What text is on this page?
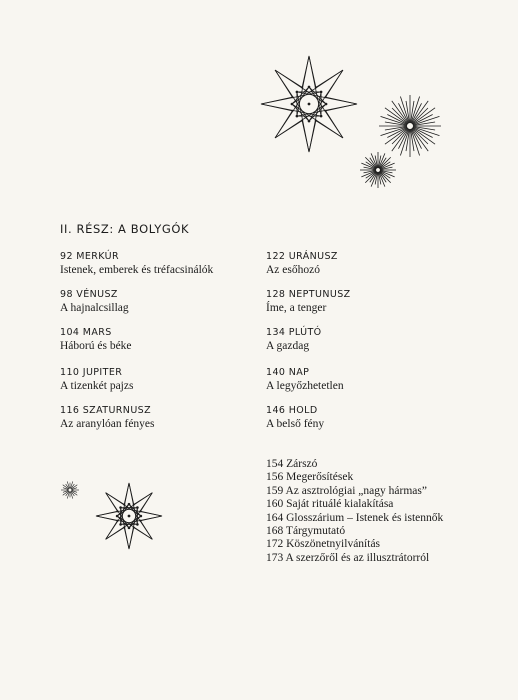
II. RÉSZ: A BOLYGÓK
92 MERKÚR
Istenek, emberek és tréfacsinálók
98 VÉNUSZ
A hajnalcsillag
104 MARS
Háború és béke
110 JUPITER
A tizenkét pajzs
116 SZATURNUSZ
Az aranylóan fényes
122 URÁNUSZ
Az esőhozó
128 NEPTUNUSZ
Íme, a tenger
134 PLÚTÓ
A gazdag
140 NAP
A legyőzhetetlen
146 HOLD
A belső fény
154 Zárszó
156 Megerősítések
159 Az asztrológiai „nagy hármas”
160 Saját rituálé kialakítása
164 Glosszárium – Istenek és istennők
168 Tárgymutató
172 Köszönetnyilvánítás
173 A szerzőről és az illusztrátorról
